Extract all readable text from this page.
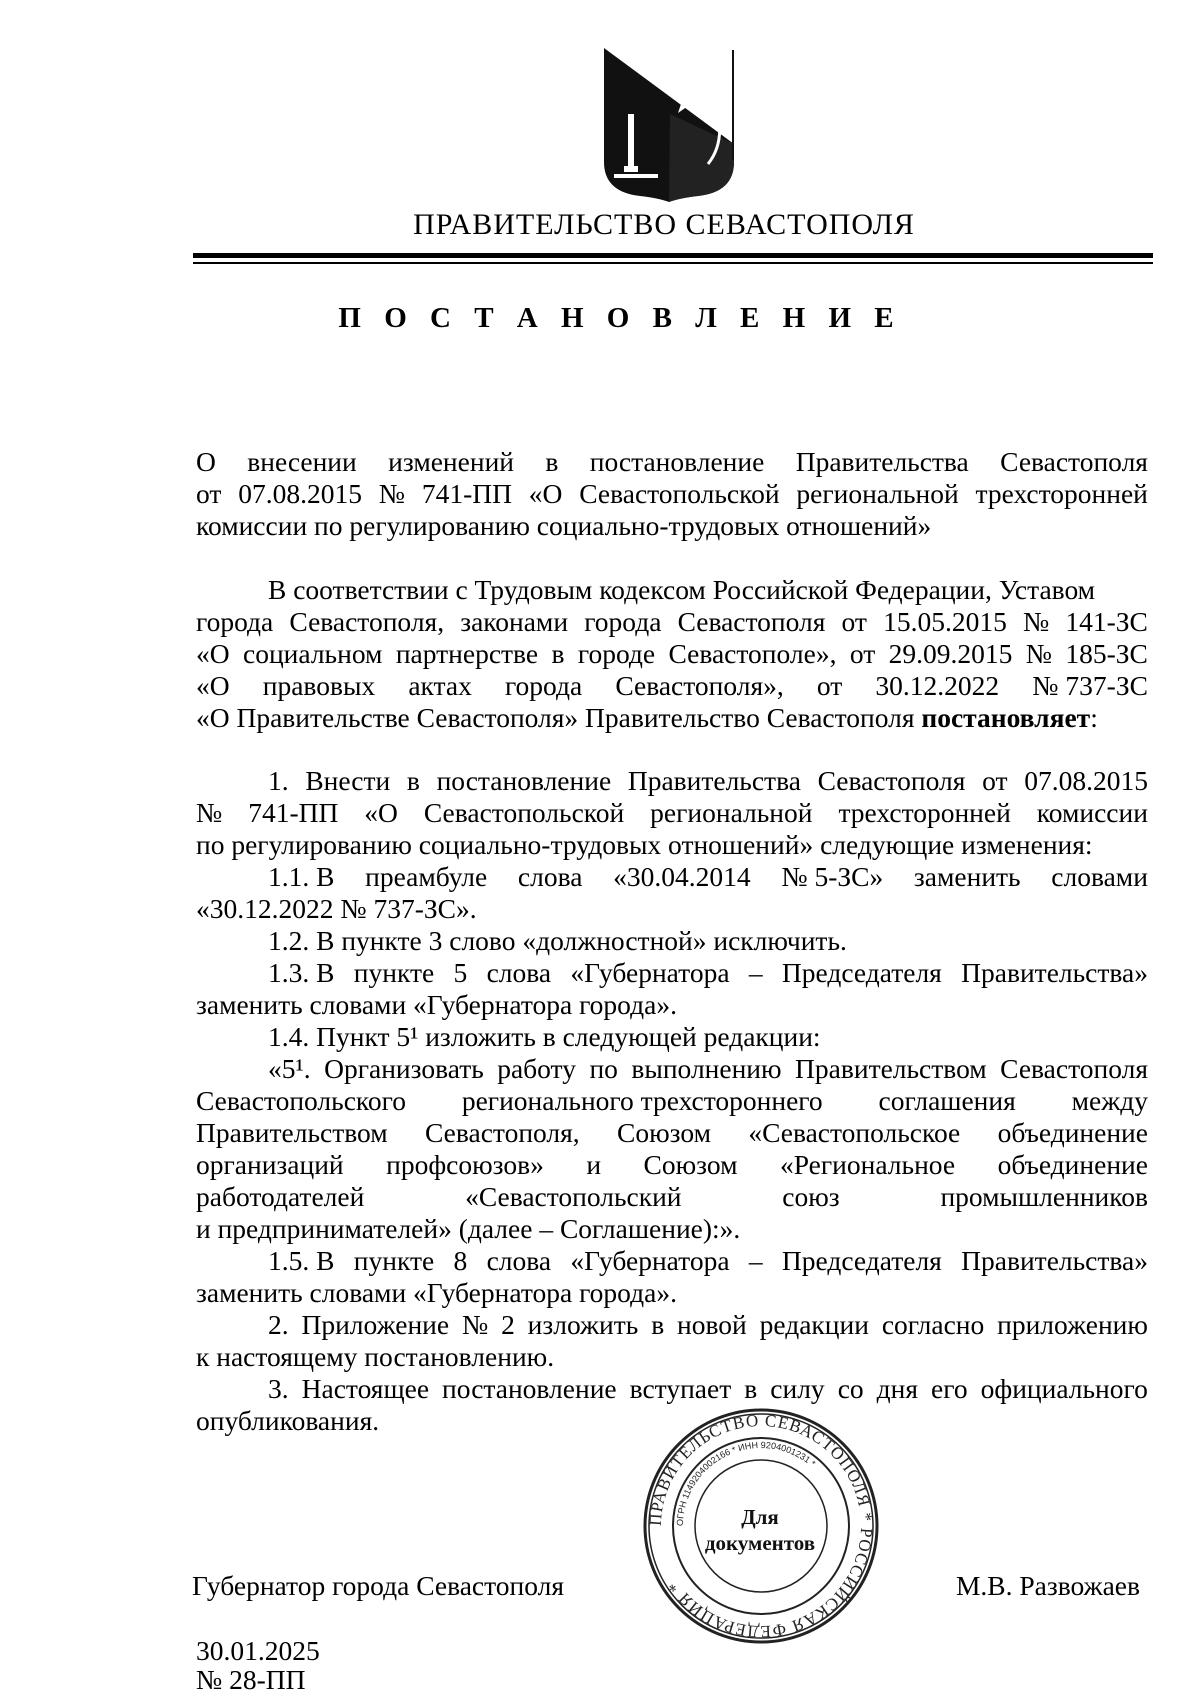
ПРАВИТЕЛЬСТВО СЕВАСТОПОЛЯ
П О С Т А Н О В Л Е Н И Е
О внесении изменений в постановление Правительства Севастополя
от 07.08.2015 № 741-ПП «О Севастопольской региональной трехсторонней
комиссии по регулированию социально-трудовых отношений»
В соответствии с Трудовым кодексом Российской Федерации, Уставом
города Севастополя, законами города Севастополя от 15.05.2015 № 141-ЗС
«О социальном партнерстве в городе Севастополе», от 29.09.2015 № 185-ЗС
«О правовых актах города Севастополя», от 30.12.2022 № 737-ЗС
«О Правительстве Севастополя» Правительство Севастополя постановляет:
1. Внести в постановление Правительства Севастополя от 07.08.2015
№ 741-ПП «О Севастопольской региональной трехсторонней комиссии
по регулированию социально-трудовых отношений» следующие изменения:
1.1. В преамбуле слова «30.04.2014 № 5-ЗС» заменить словами
«30.12.2022 № 737-ЗС».
1.2. В пункте 3 слово «должностной» исключить.
1.3. В пункте 5 слова «Губернатора – Председателя Правительства»
заменить словами «Губернатора города».
1.4. Пункт 5¹ изложить в следующей редакции:
«5¹. Организовать работу по выполнению Правительством Севастополя
Севастопольского регионального трехстороннего соглашения между
Правительством Севастополя, Союзом «Севастопольское объединение
организаций профсоюзов» и Союзом «Региональное объединение
работодателей	«Севастопольский	союз	промышленников
и предпринимателей» (далее – Соглашение):».
1.5. В пункте 8 слова «Губернатора – Председателя Правительства»
заменить словами «Губернатора города».
2. Приложение № 2 изложить в новой редакции согласно приложению
к настоящему постановлению.
3. Настоящее постановление вступает в силу со дня его официального
опубликования.
ПРАВИТЕЛЬСТВО СЕВАСТОПОЛЯ * РОССИЙСКАЯ ФЕДЕРАЦИЯ *
ОГРН 1149204002166 * ИНН 9204001231 *
Для
документов
Губернатор города Севастополя	М.В. Развожаев
30.01.2025
№ 28-ПП
